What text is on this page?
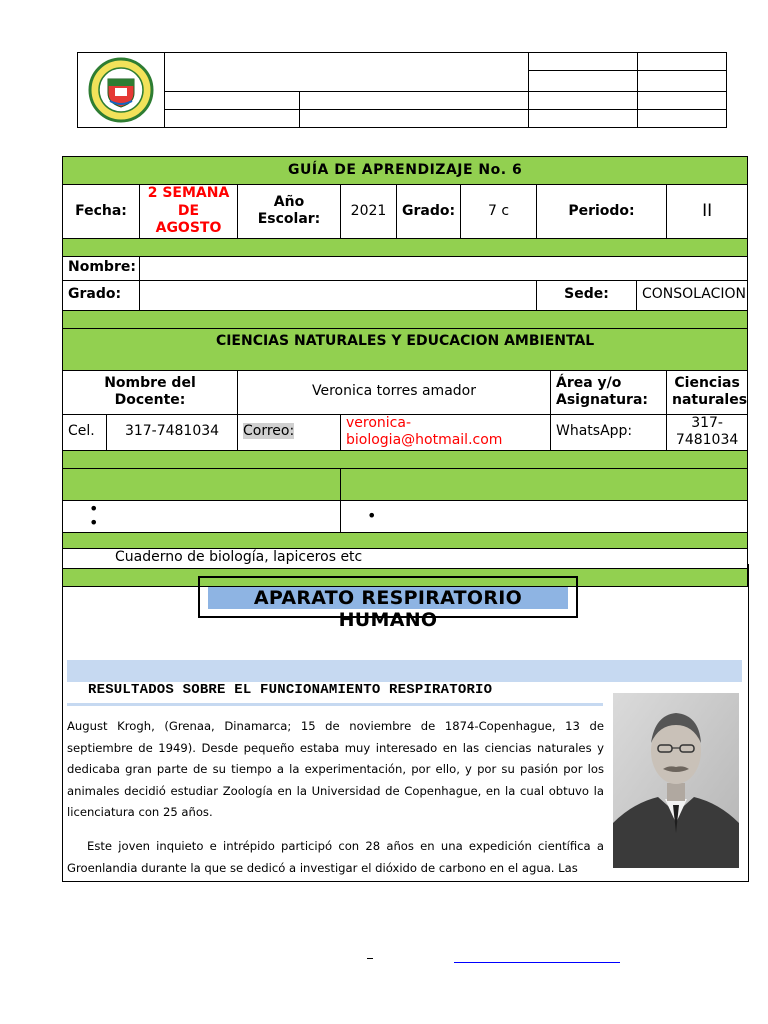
GUÍA DE APRENDIZAJE No. 6										
Fecha:		2 SEMANA DE AGOSTO	Año Escolar:	2021	Grado:	7 c	Periodo:			II

Nombre:										
Grado:							Sede:		CONSOLACION	

CIENCIAS NATURALES Y EDUCACION AMBIENTAL										
Nombre del Docente:			Veronica torres amador					Área y/o Asignatura:		Ciencias naturales
Cel.	317-7481034		Correo:	veronica-biologia@hotmail.com				WhatsApp:		317-7481034

•
•				•						

Cuaderno de biología, lapiceros etc										

APARATO RESPIRATORIO HUMANO
RESULTADOS SOBRE EL FUNCIONAMIENTO RESPIRATORIO
August Krogh, (Grenaa, Dinamarca; 15 de noviembre de 1874-Copenhague, 13 de septiembre de 1949). Desde pequeño estaba muy interesado en las ciencias naturales y dedicaba gran parte de su tiempo a la experimentación, por ello, y por su pasión por los animales decidió estudiar Zoología en la Universidad de Copenhague, en la cual obtuvo la licenciatura con 25 años.
Este joven inquieto e intrépido participó con 28 años en una expedición científica a Groenlandia durante la que se dedicó a investigar el dióxido de carbono en el agua. Las
